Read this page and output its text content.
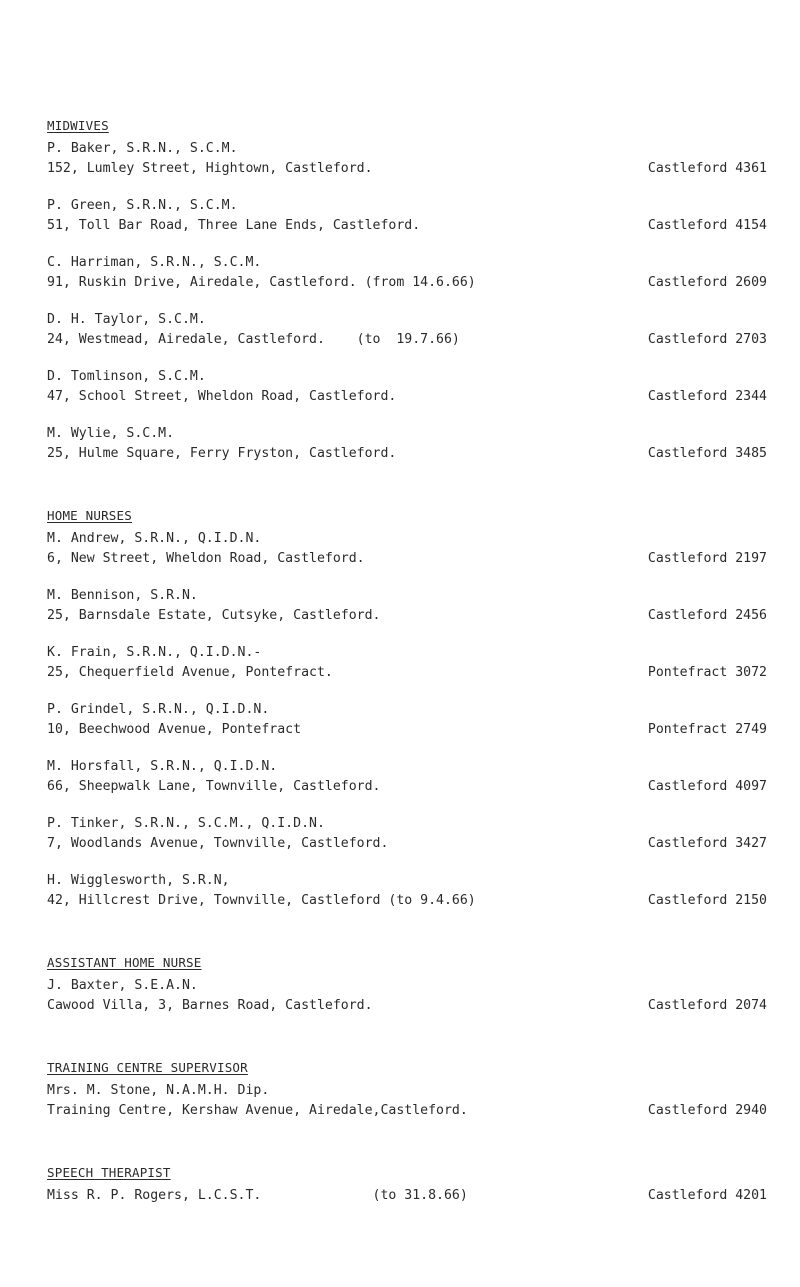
MIDWIVES
P. Baker, S.R.N., S.C.M.
152, Lumley Street, Hightown, Castleford.	Castleford 4361
P. Green, S.R.N., S.C.M.
51, Toll Bar Road, Three Lane Ends, Castleford.	Castleford 4154
C. Harriman, S.R.N., S.C.M.
91, Ruskin Drive, Airedale, Castleford. (from 14.6.66)	Castleford 2609
D. H. Taylor, S.C.M.
24, Westmead, Airedale, Castleford.    (to  19.7.66)	Castleford 2703
D. Tomlinson, S.C.M.
47, School Street, Wheldon Road, Castleford.	Castleford 2344
M. Wylie, S.C.M.
25, Hulme Square, Ferry Fryston, Castleford.	Castleford 3485
HOME NURSES
M. Andrew, S.R.N., Q.I.D.N.
6, New Street, Wheldon Road, Castleford.	Castleford 2197
M. Bennison, S.R.N.
25, Barnsdale Estate, Cutsyke, Castleford.	Castleford 2456
K. Frain, S.R.N., Q.I.D.N.-
25, Chequerfield Avenue, Pontefract.	Pontefract 3072
P. Grindel, S.R.N., Q.I.D.N.
10, Beechwood Avenue, Pontefract	Pontefract 2749
M. Horsfall, S.R.N., Q.I.D.N.
66, Sheepwalk Lane, Townville, Castleford.	Castleford 4097
P. Tinker, S.R.N., S.C.M., Q.I.D.N.
7, Woodlands Avenue, Townville, Castleford.	Castleford 3427
H. Wigglesworth, S.R.N,
42, Hillcrest Drive, Townville, Castleford (to 9.4.66)	Castleford 2150
ASSISTANT HOME NURSE
J. Baxter, S.E.A.N.
Cawood Villa, 3, Barnes Road, Castleford.	Castleford 2074
TRAINING CENTRE SUPERVISOR
Mrs. M. Stone, N.A.M.H. Dip.
Training Centre, Kershaw Avenue, Airedale,Castleford.	Castleford 2940
SPEECH THERAPIST
Miss R. P. Rogers, L.C.S.T.              (to 31.8.66)	Castleford 4201
